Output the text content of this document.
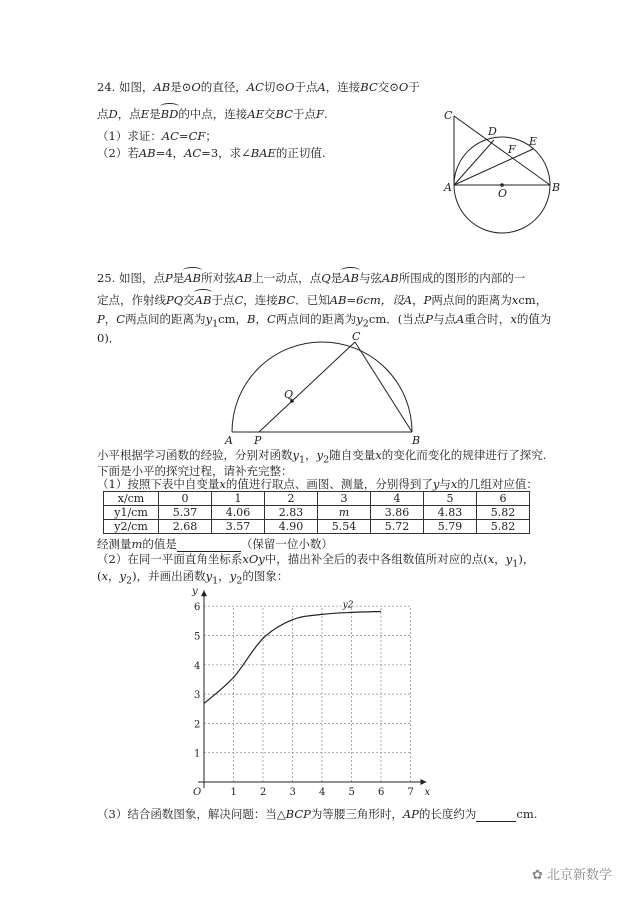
24. 如图，AB是⊙O的直径，AC切⊙O于点A，连接BC交⊙O于
点D，点E是BD的中点，连接AE交BC于点F.
（1）求证：AC=CF；
（2）若AB=4，AC=3，求∠BAE的正切值.
C
D
E
F
A	O	B
25. 如图，点P是AB所对弦AB上一动点，点Q是AB与弦AB所围成的图形的内部的一
定点，作射线PQ交AB于点C，连接BC．已知AB=6cm，设A，P两点间的距离为xcm，
P，C两点间的距离为$y_1cm$，B，C两点间的距离为$y_2cm$．(当点P与点A重合时，x的值为
0)．	C
Q
A P	B
小平根据学习函数的经验，分别对函数$y_1$，$y_2$随自变量x的变化而变化的规律进行了探究.
下面是小平的探究过程，请补充完整：
（1）按照下表中自变量x的值进行取点、画图、测量，分别得到了y与x的几组对应值：
x/cm	0	1	2	3	4	5	6
y1/cm	5.37	4.06	2.83	m	3.86	4.83	5.82
y2/cm	2.68	3.57	4.90	5.54	5.72	5.79	5.82
经测量m的值是	（保留一位小数）
（2）在同一平面直角坐标系xOy中，描出补全后的表中各组数值所对应的点(x，$y_1$)，
(x，$y_2$)，并画出函数$y_1$，$y_2$的图象：
1 2 3 4 5 6 7
1
2
3
4
5
6
O	x
y
y2
（3）结合函数图象，解决问题：当△BCP为等腰三角形时，AP的长度约为	cm.
✿ 北京新数学
